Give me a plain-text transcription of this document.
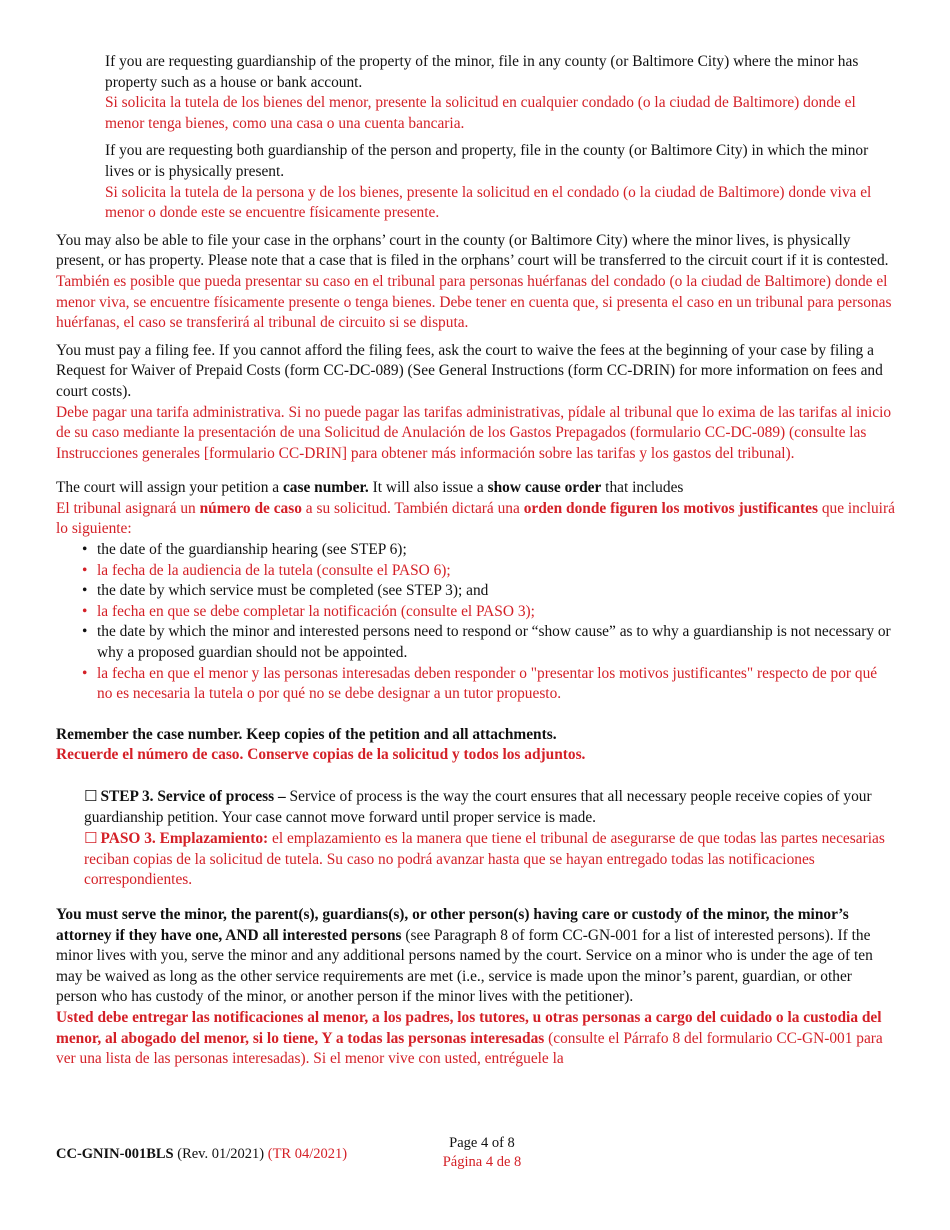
If you are requesting guardianship of the property of the minor, file in any county (or Baltimore City) where the minor has property such as a house or bank account.

Si solicita la tutela de los bienes del menor, presente la solicitud en cualquier condado (o la ciudad de Baltimore) donde el menor tenga bienes, como una casa o una cuenta bancaria.

If you are requesting both guardianship of the person and property, file in the county (or Baltimore City) in which the minor lives or is physically present.

Si solicita la tutela de la persona y de los bienes, presente la solicitud en el condado (o la ciudad de Baltimore) donde viva el menor o donde este se encuentre físicamente presente.

You may also be able to file your case in the orphans’ court in the county (or Baltimore City) where the minor lives, is physically present, or has property. Please note that a case that is filed in the orphans’ court will be transferred to the circuit court if it is contested.

También es posible que pueda presentar su caso en el tribunal para personas huérfanas del condado (o la ciudad de Baltimore) donde el menor viva, se encuentre físicamente presente o tenga bienes. Debe tener en cuenta que, si presenta el caso en un tribunal para personas huérfanas, el caso se transferirá al tribunal de circuito si se disputa.

You must pay a filing fee. If you cannot afford the filing fees, ask the court to waive the fees at the beginning of your case by filing a Request for Waiver of Prepaid Costs (form CC-DC-089) (See General Instructions (form CC-DRIN) for more information on fees and court costs).

Debe pagar una tarifa administrativa. Si no puede pagar las tarifas administrativas, pídale al tribunal que lo exima de las tarifas al inicio de su caso mediante la presentación de una Solicitud de Anulación de los Gastos Prepagados (formulario CC-DC-089) (consulte las Instrucciones generales [formulario CC-DRIN] para obtener más información sobre las tarifas y los gastos del tribunal).

The court will assign your petition a case number. It will also issue a show cause order that includes

El tribunal asignará un número de caso a su solicitud. También dictará una orden donde figuren los motivos justificantes que incluirá lo siguiente:

• the date of the guardianship hearing (see STEP 6);
• la fecha de la audiencia de la tutela (consulte el PASO 6);
• the date by which service must be completed (see STEP 3); and
• la fecha en que se debe completar la notificación (consulte el PASO 3);
• the date by which the minor and interested persons need to respond or “show cause” as to why a guardianship is not necessary or why a proposed guardian should not be appointed.
• la fecha en que el menor y las personas interesadas deben responder o "presentar los motivos justificantes" respecto de por qué no es necesaria la tutela o por qué no se debe designar a un tutor propuesto.

Remember the case number. Keep copies of the petition and all attachments.

Recuerde el número de caso. Conserve copias de la solicitud y todos los adjuntos.

☐ STEP 3. Service of process – Service of process is the way the court ensures that all necessary people receive copies of your guardianship petition. Your case cannot move forward until proper service is made.

☐ PASO 3. Emplazamiento: el emplazamiento es la manera que tiene el tribunal de asegurarse de que todas las partes necesarias reciban copias de la solicitud de tutela. Su caso no podrá avanzar hasta que se hayan entregado todas las notificaciones correspondientes.

You must serve the minor, the parent(s), guardians(s), or other person(s) having care or custody of the minor, the minor’s attorney if they have one, AND all interested persons (see Paragraph 8 of form CC-GN-001 for a list of interested persons). If the minor lives with you, serve the minor and any additional persons named by the court. Service on a minor who is under the age of ten may be waived as long as the other service requirements are met (i.e., service is made upon the minor’s parent, guardian, or other person who has custody of the minor, or another person if the minor lives with the petitioner).

Usted debe entregar las notificaciones al menor, a los padres, los tutores, u otras personas a cargo del cuidado o la custodia del menor, al abogado del menor, si lo tiene, Y a todas las personas interesadas (consulte el Párrafo 8 del formulario CC-GN-001 para ver una lista de las personas interesadas). Si el menor vive con usted, entréguele la

CC-GNIN-001BLS (Rev. 01/2021) (TR 04/2021)
Page 4 of 8
Página 4 de 8
